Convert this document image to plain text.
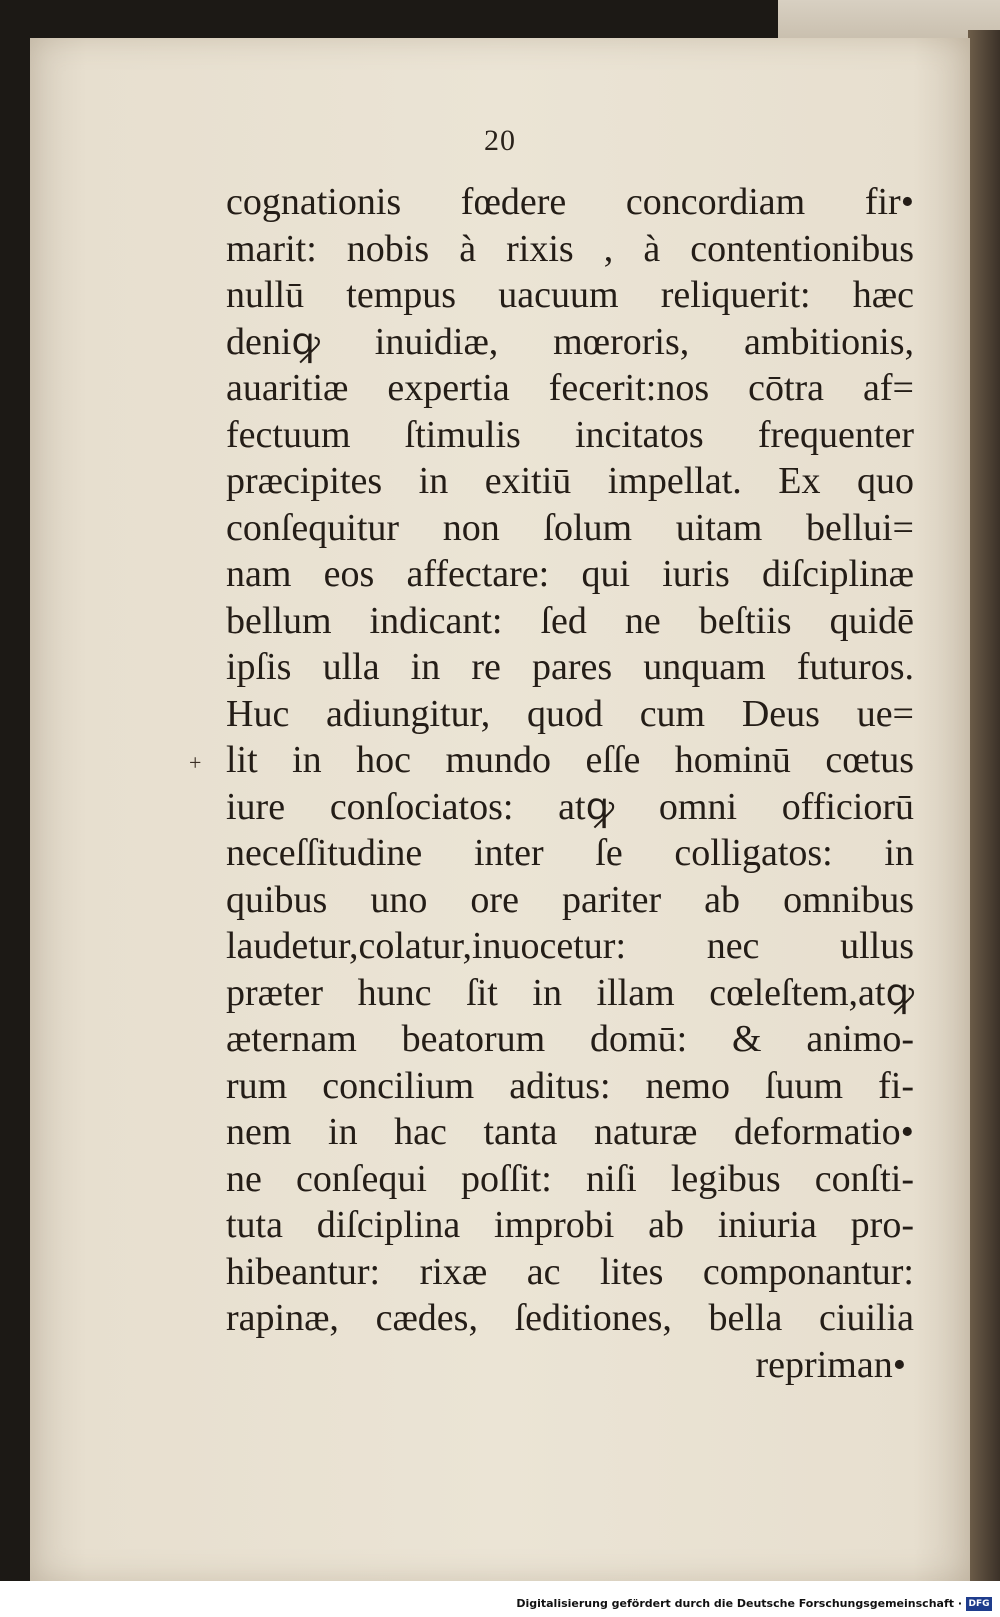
20
+
cognationis fœdere concordiam fir•
marit: nobis à rixis , à contentionibus
nullū tempus uacuum reliquerit: hæc
deniꝙ inuidiæ, mœroris, ambitionis,
auaritiæ expertia fecerit:nos cōtra af=
fectuum ſtimulis incitatos frequenter
præcipites in exitiū impellat. Ex quo
conſequitur non ſolum uitam bellui=
nam eos affectare: qui iuris diſciplinæ
bellum indicant: ſed ne beſtiis quidē
ipſis ulla in re pares unquam futuros.
Huc adiungitur, quod cum Deus ue=
lit in hoc mundo eſſe hominū cœtus
iure conſociatos: atꝙ omni officiorū
neceſſitudine inter ſe colligatos: in
quibus uno ore pariter ab omnibus
laudetur,colatur,inuocetur: nec ullus
præter hunc ſit in illam cœleſtem,atꝙ
æternam beatorum domū: & animo-
rum concilium aditus: nemo ſuum fi-
nem in hac tanta naturæ deformatio•
ne conſequi poſſit: niſi legibus conſti-
tuta diſciplina improbi ab iniuria pro-
hibeantur: rixæ ac lites componantur:
rapinæ, cædes, ſeditiones, bella ciuilia
repriman•
Digitalisierung gefördert durch die Deutsche Forschungsgemeinschaft · DFG
